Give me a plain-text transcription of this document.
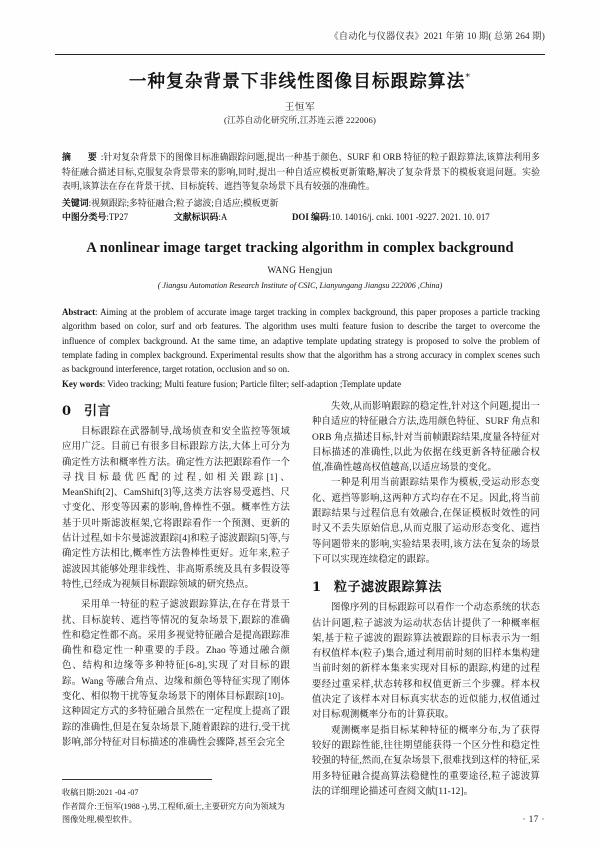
《自动化与仪器仪表》2021 年第 10 期( 总第 264 期)
一种复杂背景下非线性图像目标跟踪算法*
王恒军
(江苏自动化研究所,江苏连云港 222006)
摘　要:针对复杂背景下的图像目标准确跟踪问题,提出一种基于颜色、SURF 和 ORB 特征的粒子跟踪算法,该算法利用多特征融合描述目标,克服复杂背景带来的影响,同时,提出一种自适应模板更新策略,解决了复杂背景下的模板衰退问题。实验表明,该算法在存在背景干扰、目标旋转、遮挡等复杂场景下具有较强的准确性。
关键词:视频跟踪;多特征融合;粒子滤波;自适应;模板更新
中图分类号:TP27	文献标识码:A	DOI 编码:10. 14016/j. cnki. 1001 -9227. 2021. 10. 017
A nonlinear image target tracking algorithm in complex background
WANG Hengjun
( Jiangsu Automation Research Institute of CSIC, Lianyungang Jiangsu 222006 ,China)
Abstract: Aiming at the problem of accurate image target tracking in complex background, this paper proposes a particle tracking algorithm based on color, surf and orb features. The algorithm uses multi feature fusion to describe the target to overcome the influence of complex background. At the same time, an adaptive template updating strategy is proposed to solve the problem of template fading in complex background. Experimental results show that the algorithm has a strong accuracy in complex scenes such as background interference, target rotation, occlusion and so on.
Key words: Video tracking; Multi feature fusion; Particle filter; self-adaption ;Template update
0 引言

目标跟踪在武器制导,战场侦查和安全监控等领域应用广泛。目前已有很多目标跟踪方法,大体上可分为确定性方法和概率性方法。确定性方法把跟踪看作一个寻找目标最优匹配的过程,如相关跟踪[1]、MeanShift[2]、CamShift[3]等,这类方法容易受遮挡、尺寸变化、形变等因素的影响,鲁棒性不强。概率性方法基于贝叶斯滤波框架,它将跟踪看作一个预测、更新的估计过程,如卡尔曼滤波跟踪[4]和粒子滤波跟踪[5]等,与确定性方法相比,概率性方法鲁棒性更好。近年来,粒子滤波因其能够处理非线性、非高斯系统及具有多假设等特性,已经成为视频目标跟踪领域的研究热点。

采用单一特征的粒子滤波跟踪算法,在存在背景干扰、目标旋转、遮挡等情况的复杂场景下,跟踪的准确性和稳定性都不高。采用多视觉特征融合是提高跟踪准确性和稳定性一种重要的手段。Zhao 等通过融合颜色、结构和边缘等多种特征[6-8],实现了对目标的跟踪。Wang 等融合角点、边缘和颜色等特征实现了刚体变化、相似物干扰等复杂场景下的刚体目标跟踪[10]。这种固定方式的多特征融合虽然在一定程度上提高了跟踪的准确性,但是在复杂场景下,随着跟踪的进行,受干扰影响,部分特征对目标描述的准确性会骤降,甚至会完全

失效,从而影响跟踪的稳定性,针对这个问题,提出一种自适应的特征融合方法,选用颜色特征、SURF 角点和 ORB 角点描述目标,针对当前帧跟踪结果,度量各特征对目标描述的准确性,以此为依据在线更新各特征融合权值,准确性越高权值越高,以适应场景的变化。

一种是利用当前跟踪结果作为模板,受运动形态变化、遮挡等影响,这两种方式均存在不足。因此,将当前跟踪结果与过程信息有效融合,在保证模板时效性的同时又不丢失原始信息,从而克服了运动形态变化、遮挡等问题带来的影响,实验结果表明,该方法在复杂的场景下可以实现连续稳定的跟踪。

1 粒子滤波跟踪算法

图像序列的目标跟踪可以看作一个动态系统的状态估计问题,粒子滤波为运动状态估计提供了一种概率框架,基于粒子滤波的跟踪算法被跟踪的目标表示为一组有权值样本(粒子)集合,通过利用前时刻的旧样本集构建当前时刻的新样本集来实现对目标的跟踪,构建的过程要经过重采样,状态转移和权值更新三个步骤。样本权值决定了该样本对目标真实状态的近似能力,权值通过对目标观测概率分布的计算获取。

观测概率是指目标某种特征的概率分布,为了获得较好的跟踪性能,往往期望能获得一个区分性和稳定性较强的特征,然而,在复杂场景下,很难找到这样的特征,采用多特征融合提高算法稳健性的重要途径,粒子滤波算法的详细理论描述可查阅文献[11-12]。

收稿日期:2021 -04 -07
作者简介:王恒军(1988 -),男,工程师,硕士,主要研究方向为领域为图像处理,模型软件。	· 17 ·
